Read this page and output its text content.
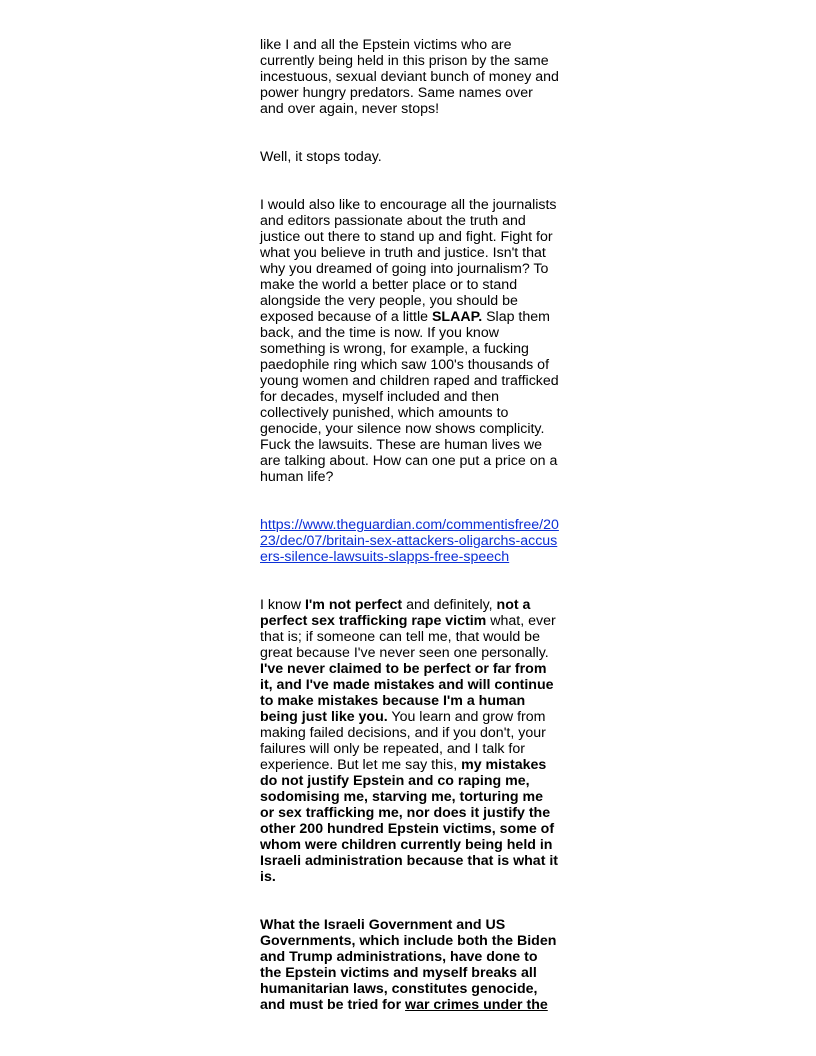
like I and all the Epstein victims who are currently being held in this prison by the same incestuous, sexual deviant bunch of money and power hungry predators. Same names over and over again, never stops!

Well, it stops today.

I would also like to encourage all the journalists and editors passionate about the truth and justice out there to stand up and fight. Fight for what you believe in truth and justice. Isn't that why you dreamed of going into journalism? To make the world a better place or to stand alongside the very people, you should be exposed because of a little SLAAP. Slap them back, and the time is now. If you know something is wrong, for example, a fucking paedophile ring which saw 100's thousands of young women and children raped and trafficked for decades, myself included and then collectively punished, which amounts to genocide, your silence now shows complicity. Fuck the lawsuits. These are human lives we are talking about. How can one put a price on a human life?

https://www.theguardian.com/commentisfree/2023/dec/07/britain-sex-attackers-oligarchs-accusers-silence-lawsuits-slapps-free-speech

I know I'm not perfect and definitely, not a perfect sex trafficking rape victim what, ever that is; if someone can tell me, that would be great because I've never seen one personally. I've never claimed to be perfect or far from it, and I've made mistakes and will continue to make mistakes because I'm a human being just like you. You learn and grow from making failed decisions, and if you don't, your failures will only be repeated, and I talk for experience. But let me say this, my mistakes do not justify Epstein and co raping me, sodomising me, starving me, torturing me or sex trafficking me, nor does it justify the other 200 hundred Epstein victims, some of whom were children currently being held in Israeli administration because that is what it is.

What the Israeli Government and US Governments, which include both the Biden and Trump administrations, have done to the Epstein victims and myself breaks all humanitarian laws, constitutes genocide, and must be tried for war crimes under the
